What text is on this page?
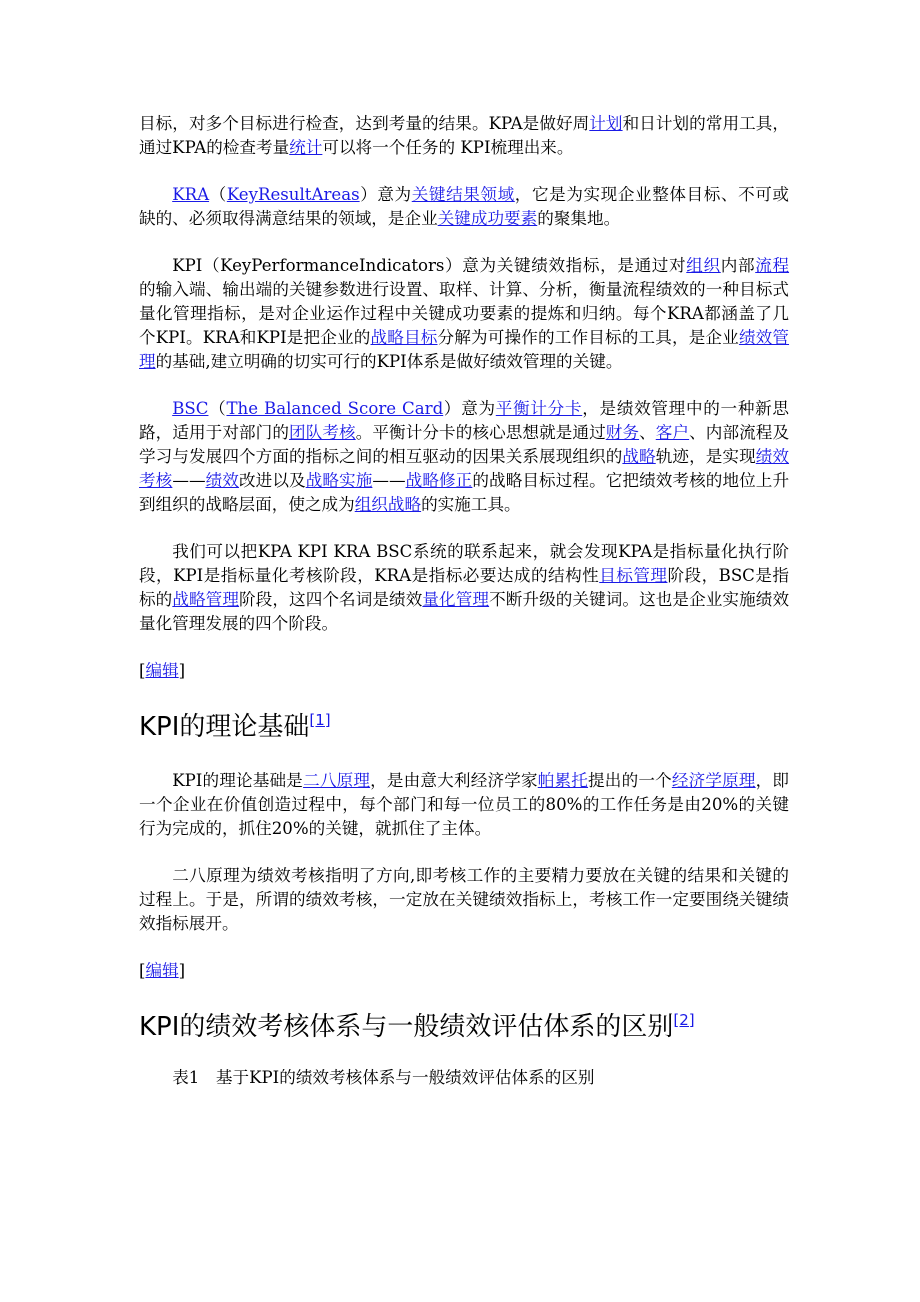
目标，对多个目标进行检查，达到考量的结果。KPA是做好周计划和日计划的常用工具，通过KPA的检查考量统计可以将一个任务的 KPI梳理出来。

KRA（KeyResultAreas）意为关键结果领域，它是为实现企业整体目标、不可或缺的、必须取得满意结果的领域，是企业关键成功要素的聚集地。

KPI（KeyPerformanceIndicators）意为关键绩效指标，是通过对组织内部流程的输入端、输出端的关键参数进行设置、取样、计算、分析，衡量流程绩效的一种目标式量化管理指标，是对企业运作过程中关键成功要素的提炼和归纳。每个KRA都涵盖了几个KPI。KRA和KPI是把企业的战略目标分解为可操作的工作目标的工具，是企业绩效管理的基础,建立明确的切实可行的KPI体系是做好绩效管理的关键。

BSC（The Balanced Score Card）意为平衡计分卡，是绩效管理中的一种新思路，适用于对部门的团队考核。平衡计分卡的核心思想就是通过财务、客户、内部流程及学习与发展四个方面的指标之间的相互驱动的因果关系展现组织的战略轨迹，是实现绩效考核——绩效改进以及战略实施——战略修正的战略目标过程。它把绩效考核的地位上升到组织的战略层面，使之成为组织战略的实施工具。

我们可以把KPA KPI KRA BSC系统的联系起来，就会发现KPA是指标量化执行阶段，KPI是指标量化考核阶段，KRA是指标必要达成的结构性目标管理阶段，BSC是指标的战略管理阶段，这四个名词是绩效量化管理不断升级的关键词。这也是企业实施绩效量化管理发展的四个阶段。

[编辑]
KPI的理论基础[1]

KPI的理论基础是二八原理，是由意大利经济学家帕累托提出的一个经济学原理，即一个企业在价值创造过程中，每个部门和每一位员工的80%的工作任务是由20%的关键行为完成的，抓住20%的关键，就抓住了主体。

二八原理为绩效考核指明了方向,即考核工作的主要精力要放在关键的结果和关键的过程上。于是，所谓的绩效考核，一定放在关键绩效指标上，考核工作一定要围绕关键绩效指标展开。

[编辑]
KPI的绩效考核体系与一般绩效评估体系的区别[2]
表1　基于KPI的绩效考核体系与一般绩效评估体系的区别
